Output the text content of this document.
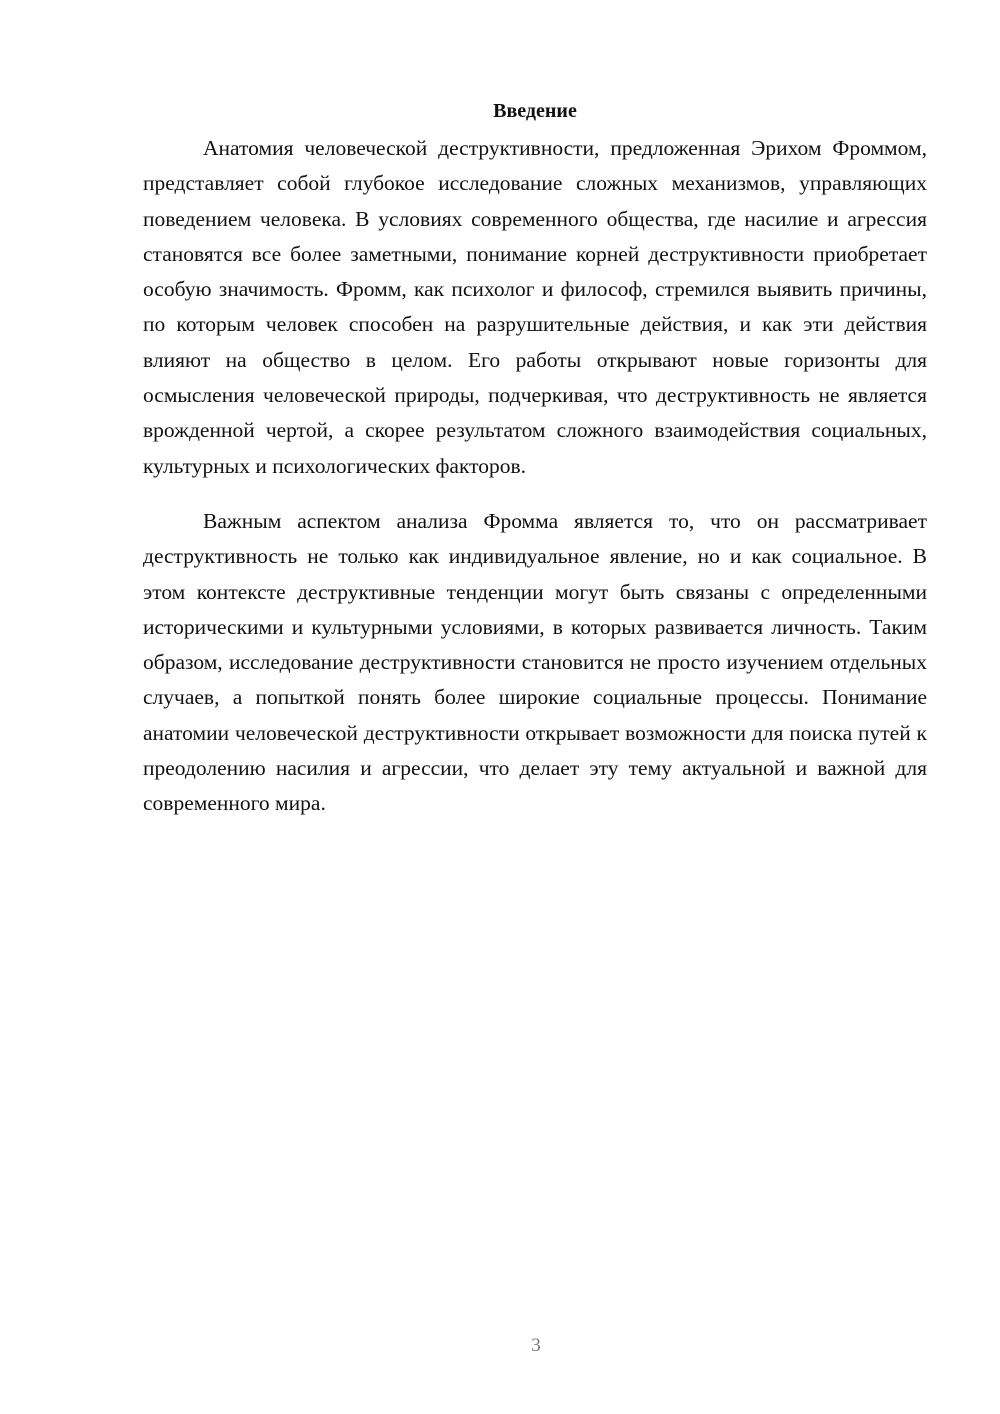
Введение

Анатомия человеческой деструктивности, предложенная Эрихом Фроммом, представляет собой глубокое исследование сложных механизмов, управляющих поведением человека. В условиях современного общества, где насилие и агрессия становятся все более заметными, понимание корней деструктивности приобретает особую значимость. Фромм, как психолог и философ, стремился выявить причины, по которым человек способен на разрушительные действия, и как эти действия влияют на общество в целом. Его работы открывают новые горизонты для осмысления человеческой природы, подчеркивая, что деструктивность не является врожденной чертой, а скорее результатом сложного взаимодействия социальных, культурных и психологических факторов.

Важным аспектом анализа Фромма является то, что он рассматривает деструктивность не только как индивидуальное явление, но и как социальное. В этом контексте деструктивные тенденции могут быть связаны с определенными историческими и культурными условиями, в которых развивается личность. Таким образом, исследование деструктивности становится не просто изучением отдельных случаев, а попыткой понять более широкие социальные процессы. Понимание анатомии человеческой деструктивности открывает возможности для поиска путей к преодолению насилия и агрессии, что делает эту тему актуальной и важной для современного мира.

3
